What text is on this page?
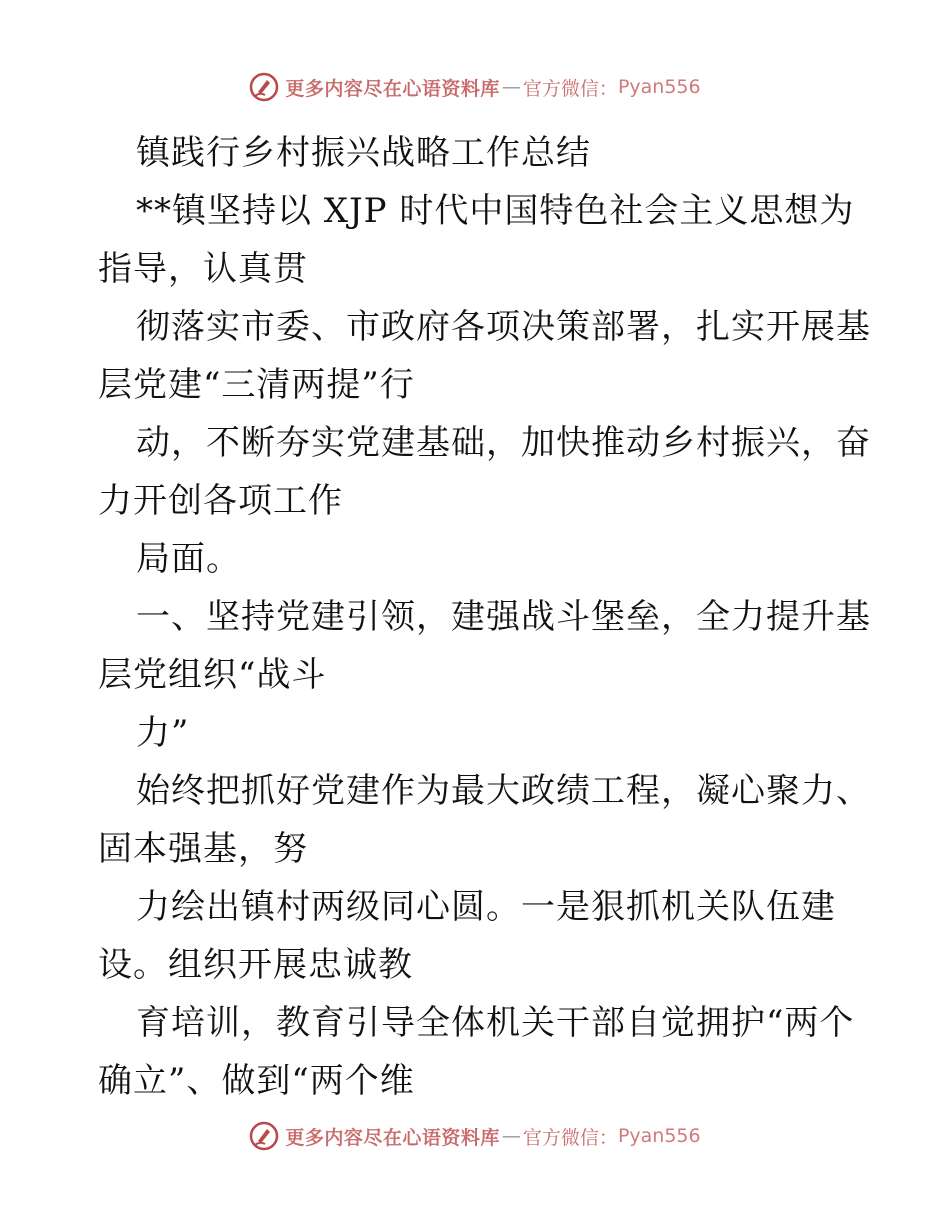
更多内容尽在心语资料库 — 官方微信： Pyan556
镇践行乡村振兴战略工作总结
**镇坚持以 XJP 时代中国特色社会主义思想为
指导，认真贯
彻落实市委、市政府各项决策部署，扎实开展基
层党建“三清两提”行
动，不断夯实党建基础，加快推动乡村振兴，奋
力开创各项工作
局面。
一、坚持党建引领，建强战斗堡垒，全力提升基
层党组织“战斗
力”
始终把抓好党建作为最大政绩工程，凝心聚力、
固本强基，努
力绘出镇村两级同心圆。一是狠抓机关队伍建
设。组织开展忠诚教
育培训，教育引导全体机关干部自觉拥护“两个
确立”、做到“两个维
更多内容尽在心语资料库 — 官方微信： Pyan556
